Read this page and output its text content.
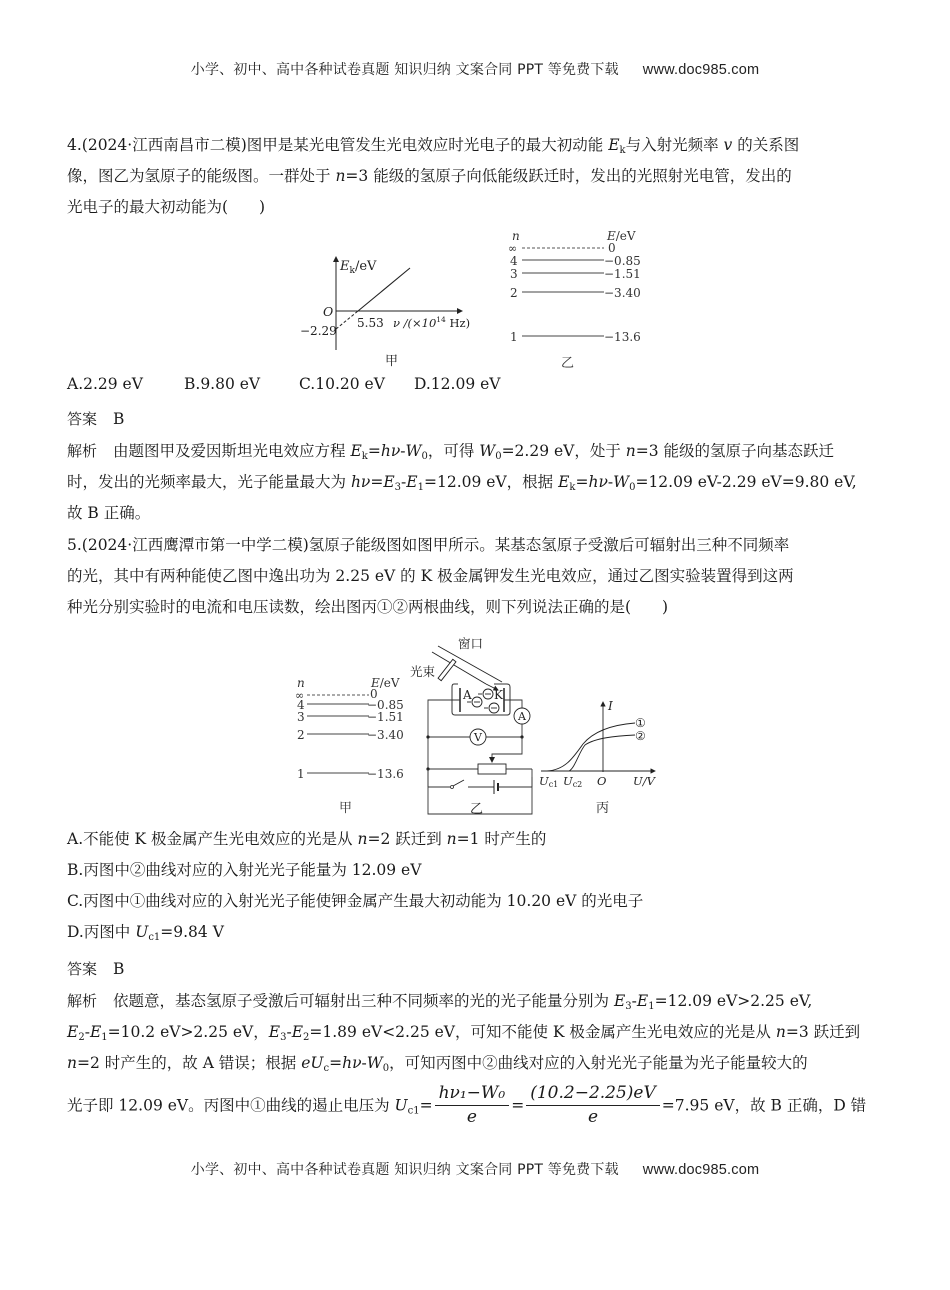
小学、初中、高中各种试卷真题 知识归纳 文案合同 PPT 等免费下载 www.doc985.com
4.(2024·江西南昌市二模)图甲是某光电管发生光电效应时光电子的最大初动能 $E_k$与入射光频率 v 的关系图
像，图乙为氢原子的能级图。一群处于 n=3 能级的氢原子向低能级跃迁时，发出的光照射光电管，发出的
光电子的最大初动能为(　　)
$E_k/eV$
O
5.53
−2.29
ν $/(\times 10^{14}$ Hz)
甲
n	E/eV
∞	0
4	−0.85
3	−1.51
2	−3.40
1	−13.6
乙
A.2.29 eV	B.9.80 eV	C.10.20 eV	D.12.09 eV
答案 B
解析 由题图甲及爱因斯坦光电效应方程 $E_k=h\nu-W_0$，可得 $W_0=2.29$ eV，处于 n=3 能级的氢原子向基态跃迁
时，发出的光频率最大，光子能量最大为 $h\nu=E_3-E_1=12.09$ eV，根据 $E_k=h\nu-W_0=12.09$ eV-2.29 eV=9.80 eV,
故 B 正确。
5.(2024·江西鹰潭市第一中学二模)氢原子能级图如图甲所示。某基态氢原子受激后可辐射出三种不同频率
的光，其中有两种能使乙图中逸出功为 2.25 eV 的 K 极金属钾发生光电效应，通过乙图实验装置得到这两
种光分别实验时的电流和电压读数，绘出图丙①②两根曲线，则下列说法正确的是(　　)
n	E/eV
∞	0
4	−0.85
3	−1.51
2	−3.40
1	−13.6
甲
窗口
光束
A K
A
V
乙
I
①
②
Uc1 Uc2 O U/V
丙
A.不能使 K 极金属产生光电效应的光是从 n=2 跃迁到 n=1 时产生的
B.丙图中②曲线对应的入射光光子能量为 12.09 eV
C.丙图中①曲线对应的入射光光子能使钾金属产生最大初动能为 10.20 eV 的光电子
D.丙图中 $U_{c1}=9.84$ V
答案 B
解析 依题意，基态氢原子受激后可辐射出三种不同频率的光的光子能量分别为 $E_3-E_1=12.09$ eV>2.25 eV,
$E_2-E_1=10.2$ eV>2.25 eV，$E_3-E_2=1.89$ eV<2.25 eV，可知不能使 K 极金属产生光电效应的光是从 n=3 跃迁到
n=2 时产生的，故 A 错误；根据 $eU_c=h\nu-W_0$，可知丙图中②曲线对应的入射光光子能量为光子能量较大的
光子即 12.09 eV。丙图中①曲线的遏止电压为 $U_{c1}= \frac{\text{hν₁−W₀}}{e} = \frac{(10.2-2.25)eV}{e} =7.95$ eV，故 B 正确，D 错
小学、初中、高中各种试卷真题 知识归纳 文案合同 PPT 等免费下载 www.doc985.com
